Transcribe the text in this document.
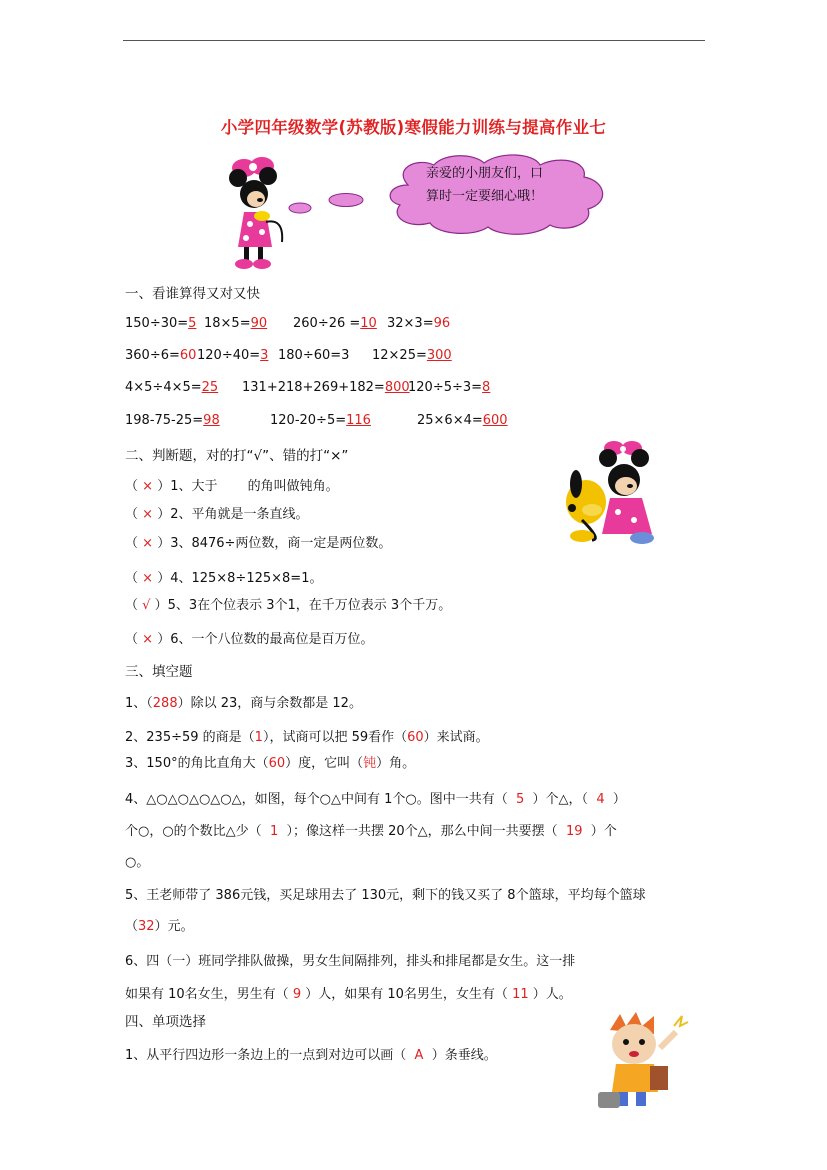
小学四年级数学(苏教版)寒假能力训练与提高作业七
亲爱的小朋友们，口
算时一定要细心哦！
一、看谁算得又对又快
150÷30=5 18×5=90 260÷26 =10 32×3=96
360÷6=60 120÷40=3 180÷60=3 12×25=300
4×5÷4×5=25 131+218+269+182=800
120÷5÷3=8
198-75-25=98	120-20÷5=116	25×6×4=600
二、判断题，对的打“√”、错的打“×”
（ × ）1、大于　　 的角叫做钝角。
（ × ）2、平角就是一条直线。
（ × ）3、8476÷两位数，商一定是两位数。
（ × ）4、125×8÷125×8=1。
（ √ ）5、3在个位表示 3个1，在千万位表示 3个千万。
（ × ）6、一个八位数的最高位是百万位。
三、填空题
1、（288）除以 23，商与余数都是 12。
2、235÷59 的商是（1），试商可以把 59看作（60）来试商。
3、150°的角比直角大（60）度，它叫（钝）角。
4、△○△○△○△○△，如图，每个○△中间有 1个○。图中一共有（ 5 ）个△，（ 4 ）
个○，○的个数比△少（ 1 ）；像这样一共摆 20个△，那么中间一共要摆（ 19 ）个
○。
5、王老师带了 386元钱，买足球用去了 130元，剩下的钱又买了 8个篮球，平均每个篮球
（32）元。
6、四（一）班同学排队做操，男女生间隔排列，排头和排尾都是女生。这一排
如果有 10名女生，男生有（ 9 ）人，如果有 10名男生，女生有（ 11 ）人。
四、单项选择
1、从平行四边形一条边上的一点到对边可以画（ A ）条垂线。
